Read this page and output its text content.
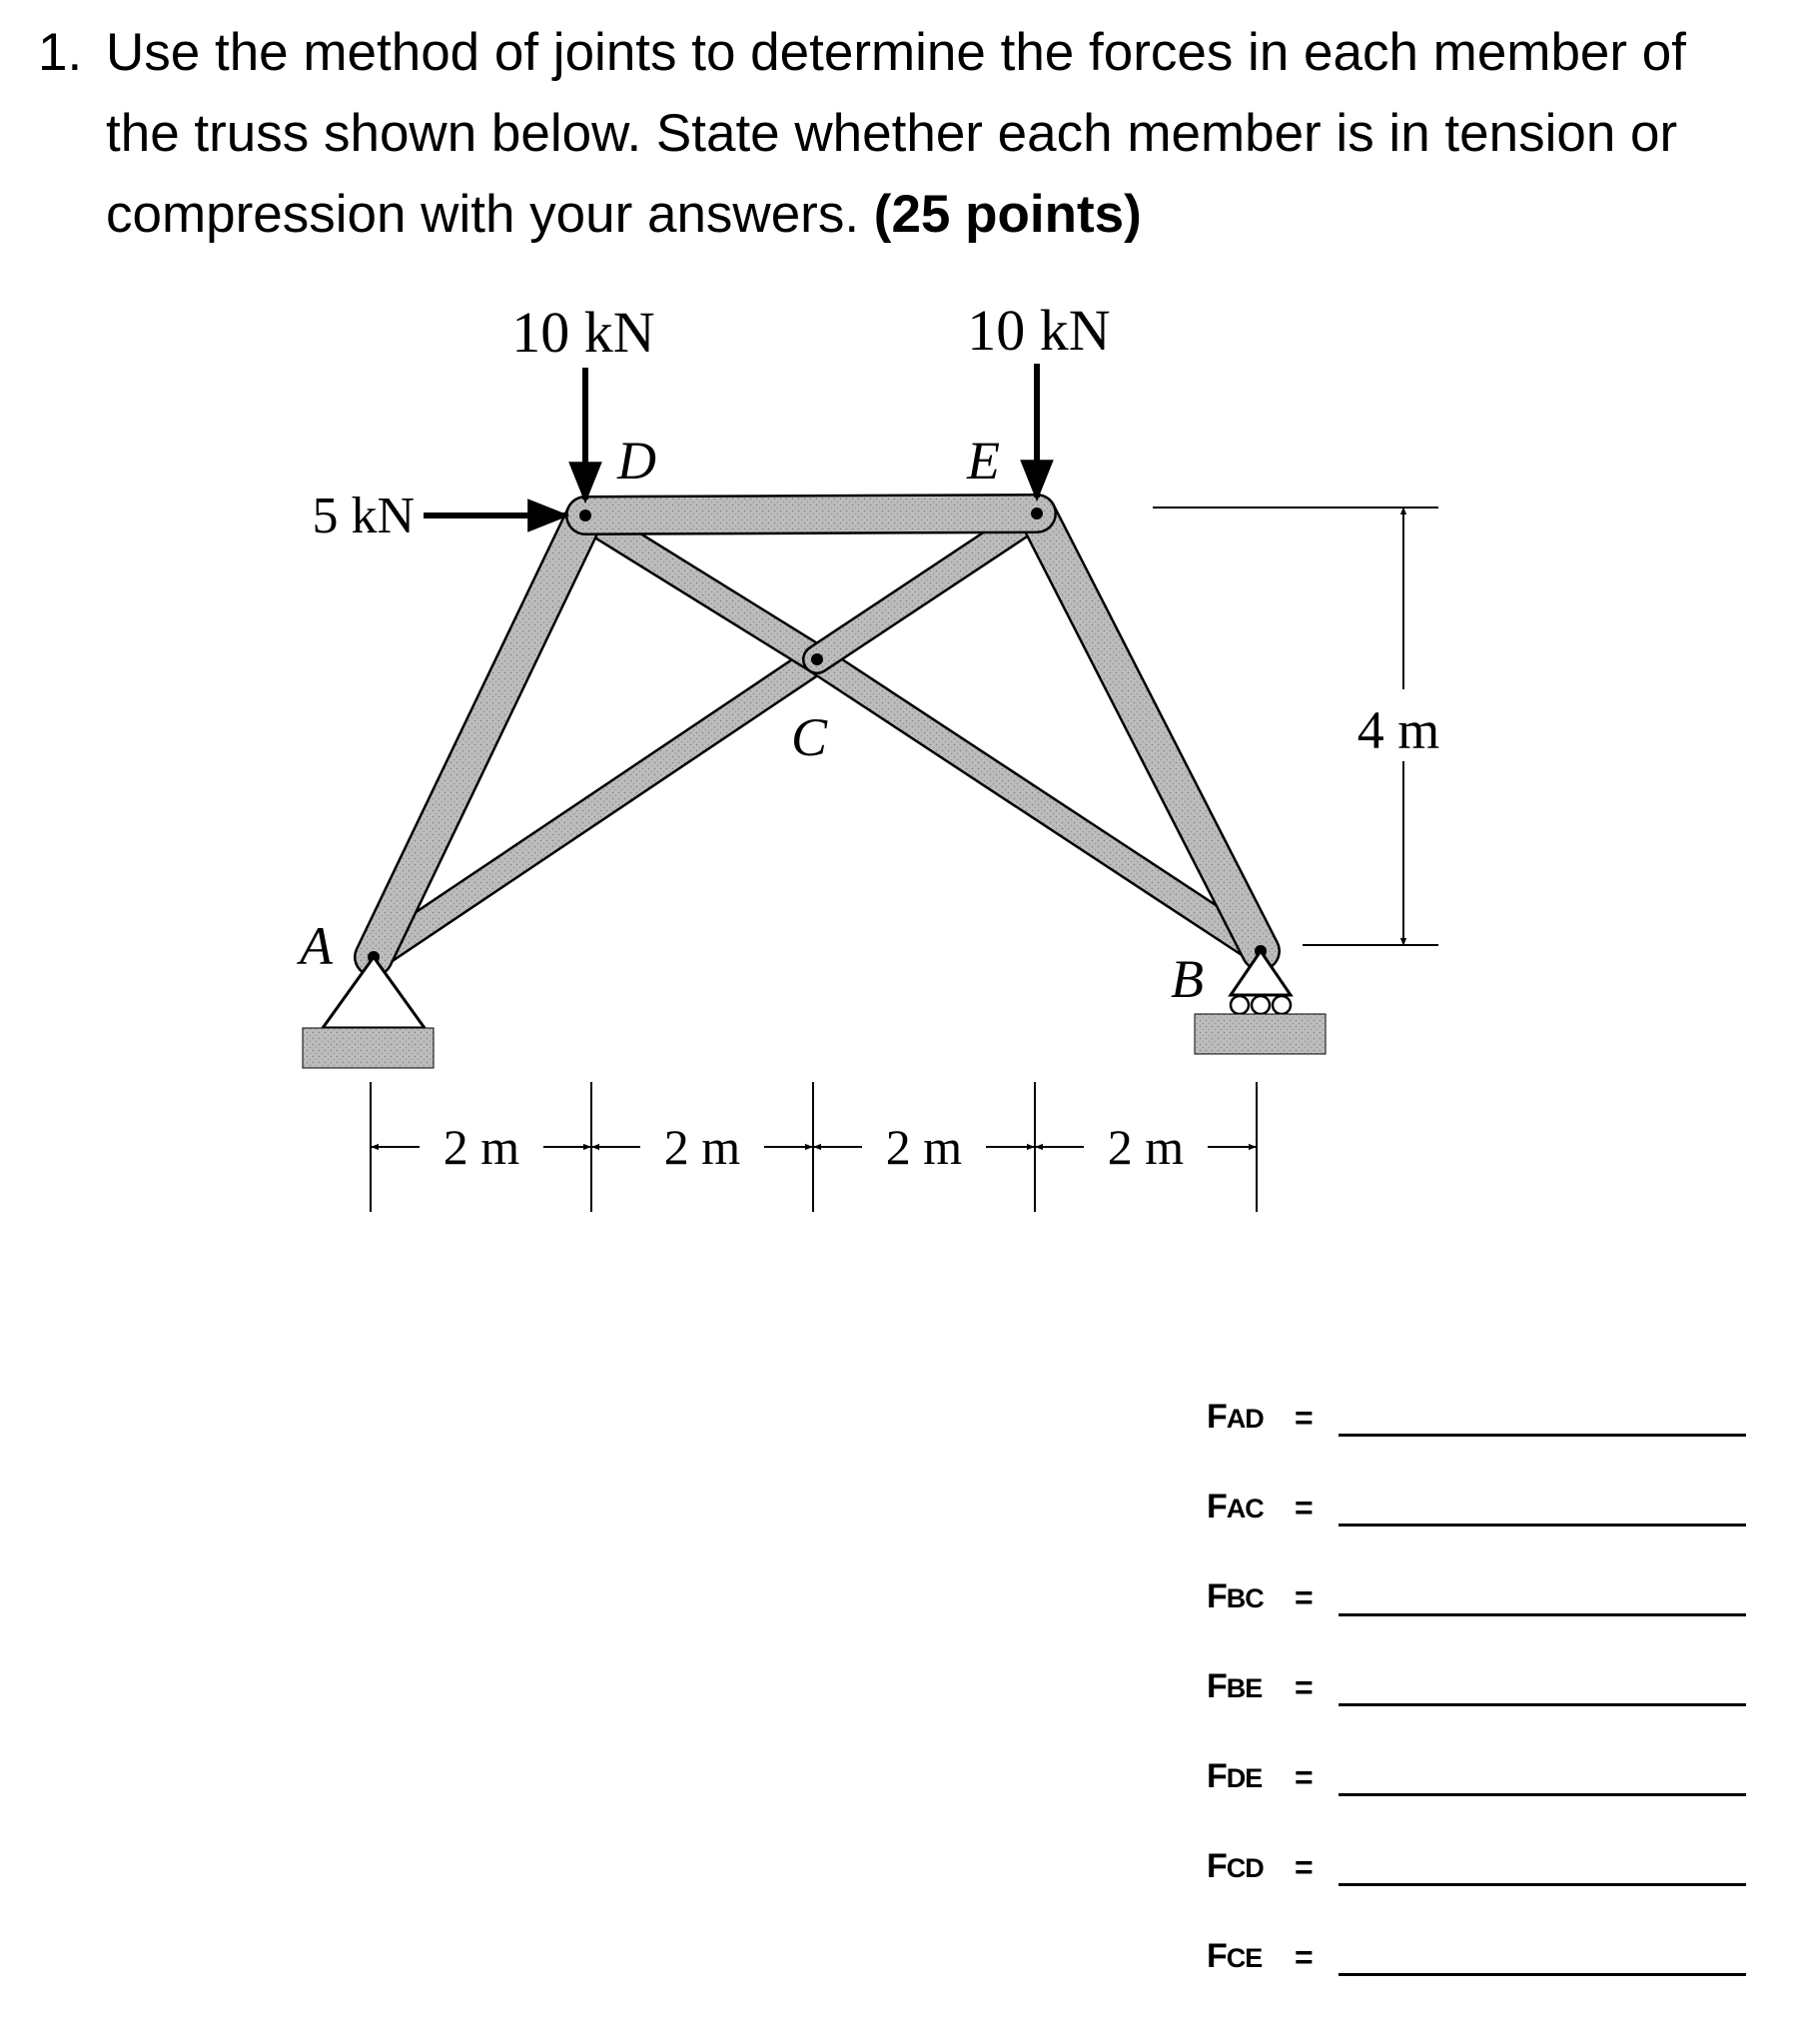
1. Use the method of joints to determine the forces in each member of the truss shown below. State whether each member is in tension or compression with your answers. (25 points)
10 kN	10 kN
5 kN
D	E
C
A
B
4 m
2 m	2 m	2 m	2 m
FAD =
FAC =
FBC =
FBE =
FDE =
FCD =
FCE =
